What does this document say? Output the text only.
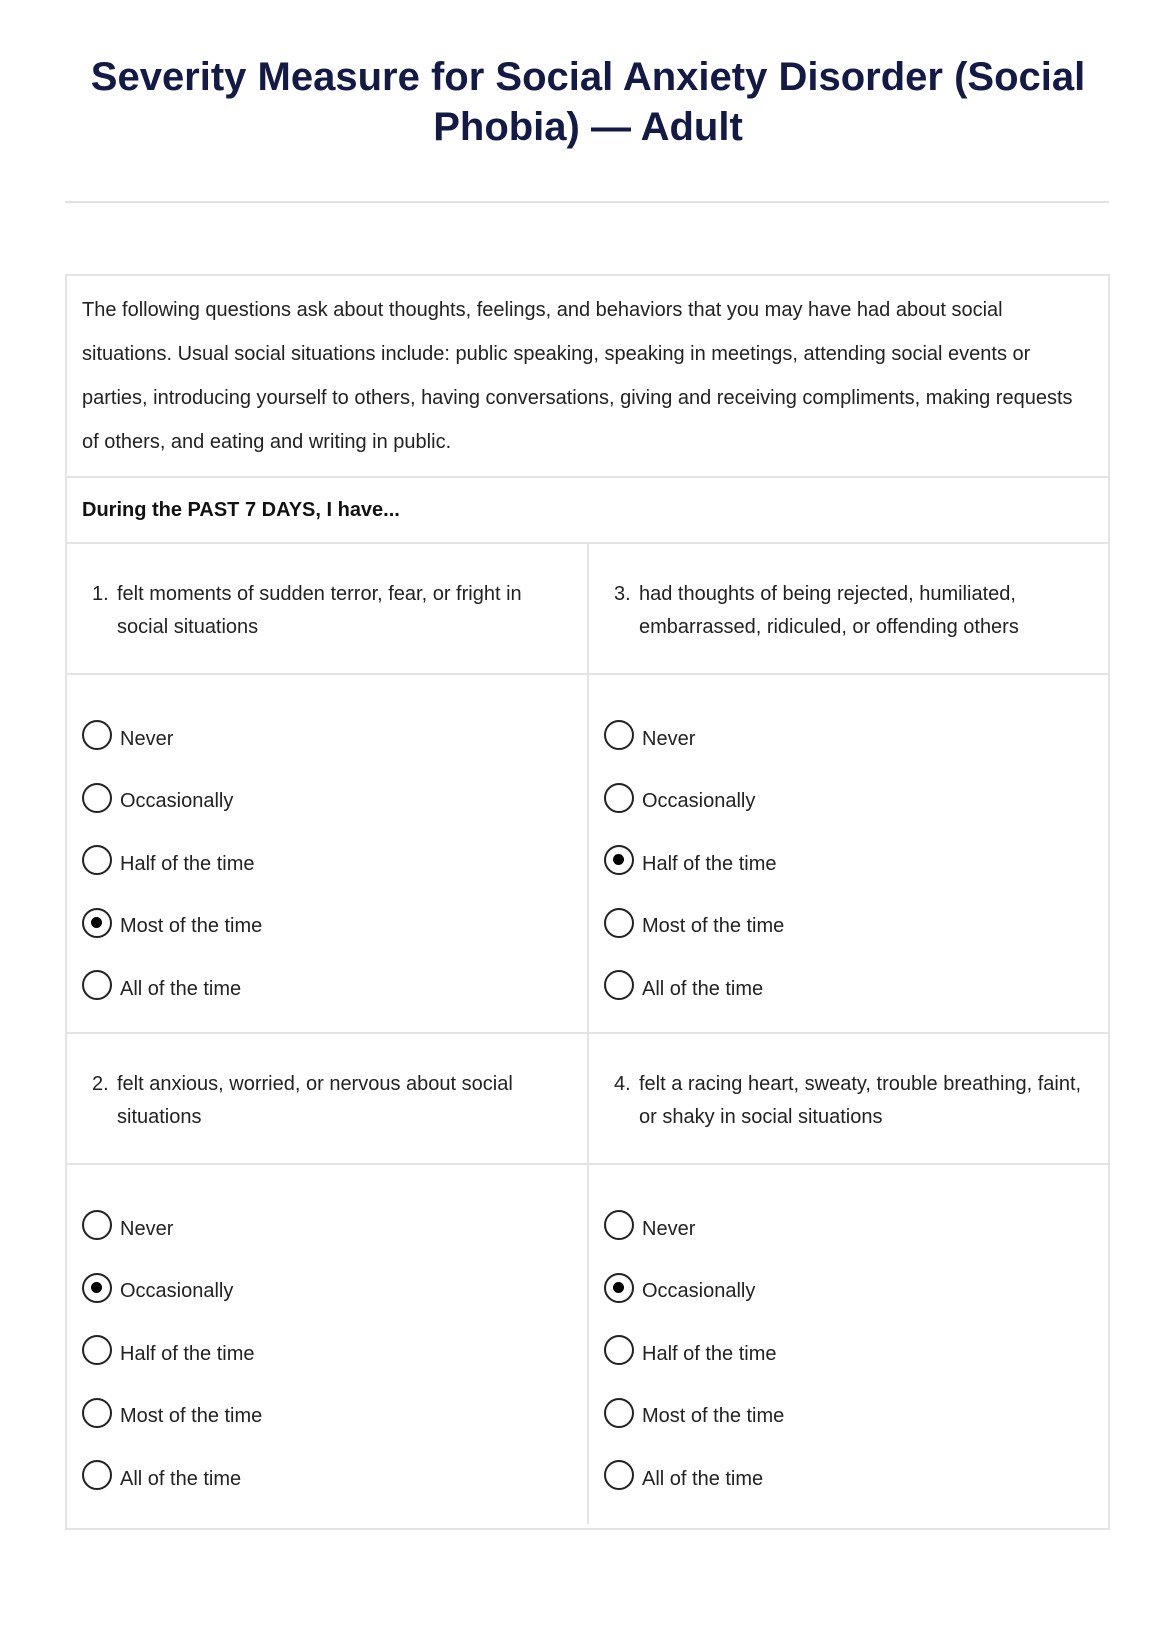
Severity Measure for Social Anxiety Disorder (Social Phobia) — Adult
The following questions ask about thoughts, feelings, and behaviors that you may have had about social situations. Usual social situations include: public speaking, speaking in meetings, attending social events or parties, introducing yourself to others, having conversations, giving and receiving compliments, making requests of others, and eating and writing in public.
During the PAST 7 DAYS, I have...
1. felt moments of sudden terror, fear, or fright in social situations
3. had thoughts of being rejected, humiliated, embarrassed, ridiculed, or offending others
Never
Occasionally
Half of the time
Most of the time
All of the time
Never
Occasionally
Half of the time
Most of the time
All of the time
2. felt anxious, worried, or nervous about social situations
4. felt a racing heart, sweaty, trouble breathing, faint, or shaky in social situations
Never
Occasionally
Half of the time
Most of the time
All of the time
Never
Occasionally
Half of the time
Most of the time
All of the time
